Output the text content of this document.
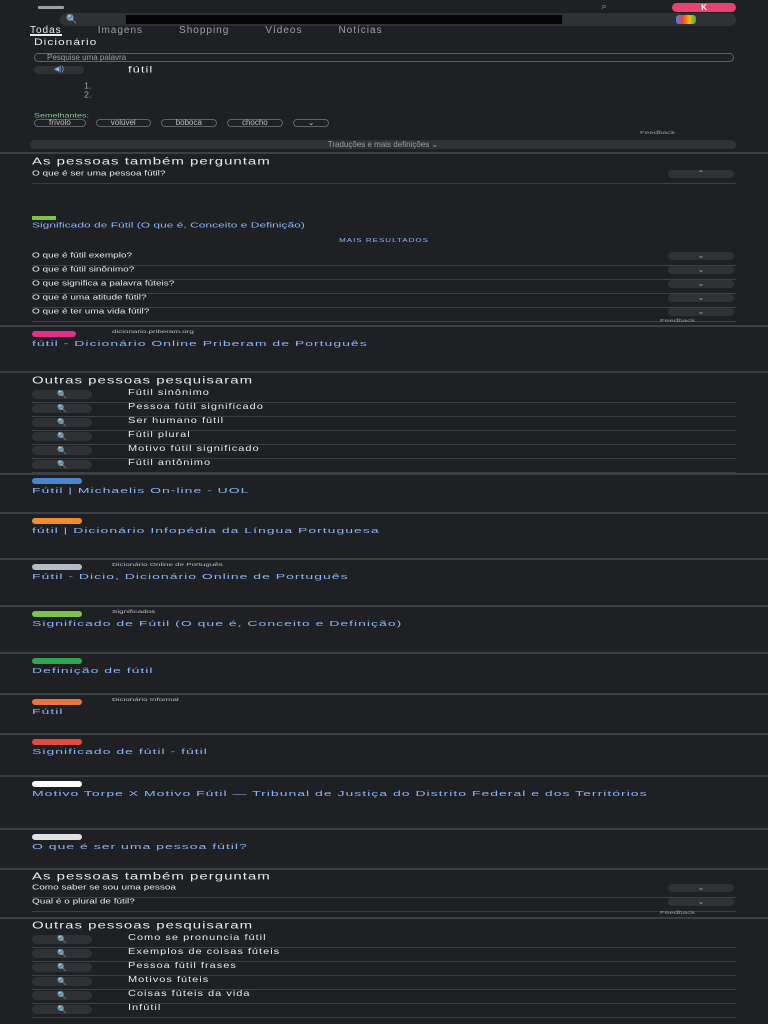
⌕	K
🔍
Todas	Imagens	Shopping	Vídeos	Notícias
Dicionário
Pesquise uma palavra
◀))	fútil
1.
2.
Semelhantes:
frívolo	volúvel	boboca	chocho	⌄
Feedback
Traduções e mais definições ⌄
As pessoas também perguntam
O que é ser uma pessoa fútil?	⌃
Significado de Fútil (O que é, Conceito e Definição)
MAIS RESULTADOS
O que é fútil exemplo?	⌄
O que é fútil sinônimo?	⌄
O que significa a palavra fúteis?	⌄
O que é uma atitude fútil?	⌄
O que é ter uma vida fútil?	⌄
Feedback
dicionario.priberam.org
fútil - Dicionário Online Priberam de Português
Outras pessoas pesquisaram
🔍	Fútil sinônimo
🔍	Pessoa fútil significado
🔍	Ser humano fútil
🔍	Fútil plural
🔍	Motivo fútil significado
🔍	Fútil antônimo
Fútil | Michaelis On-line - UOL
fútil | Dicionário Infopédia da Língua Portuguesa
Dicionário Online de Português
Fútil - Dicio, Dicionário Online de Português
Significados
Significado de Fútil (O que é, Conceito e Definição)
Definição de fútil
Dicionário Informal
Fútil
Significado de fútil - fútil
Motivo Torpe X Motivo Fútil — Tribunal de Justiça do Distrito Federal e dos Territórios
O que é ser uma pessoa fútil?
As pessoas também perguntam
Como saber se sou uma pessoa	⌄
Qual é o plural de fútil?	⌄
Feedback
Outras pessoas pesquisaram
🔍	Como se pronuncia fútil
🔍	Exemplos de coisas fúteis
🔍	Pessoa fútil frases
🔍	Motivos fúteis
🔍	Coisas fúteis da vida
🔍	Infútil
